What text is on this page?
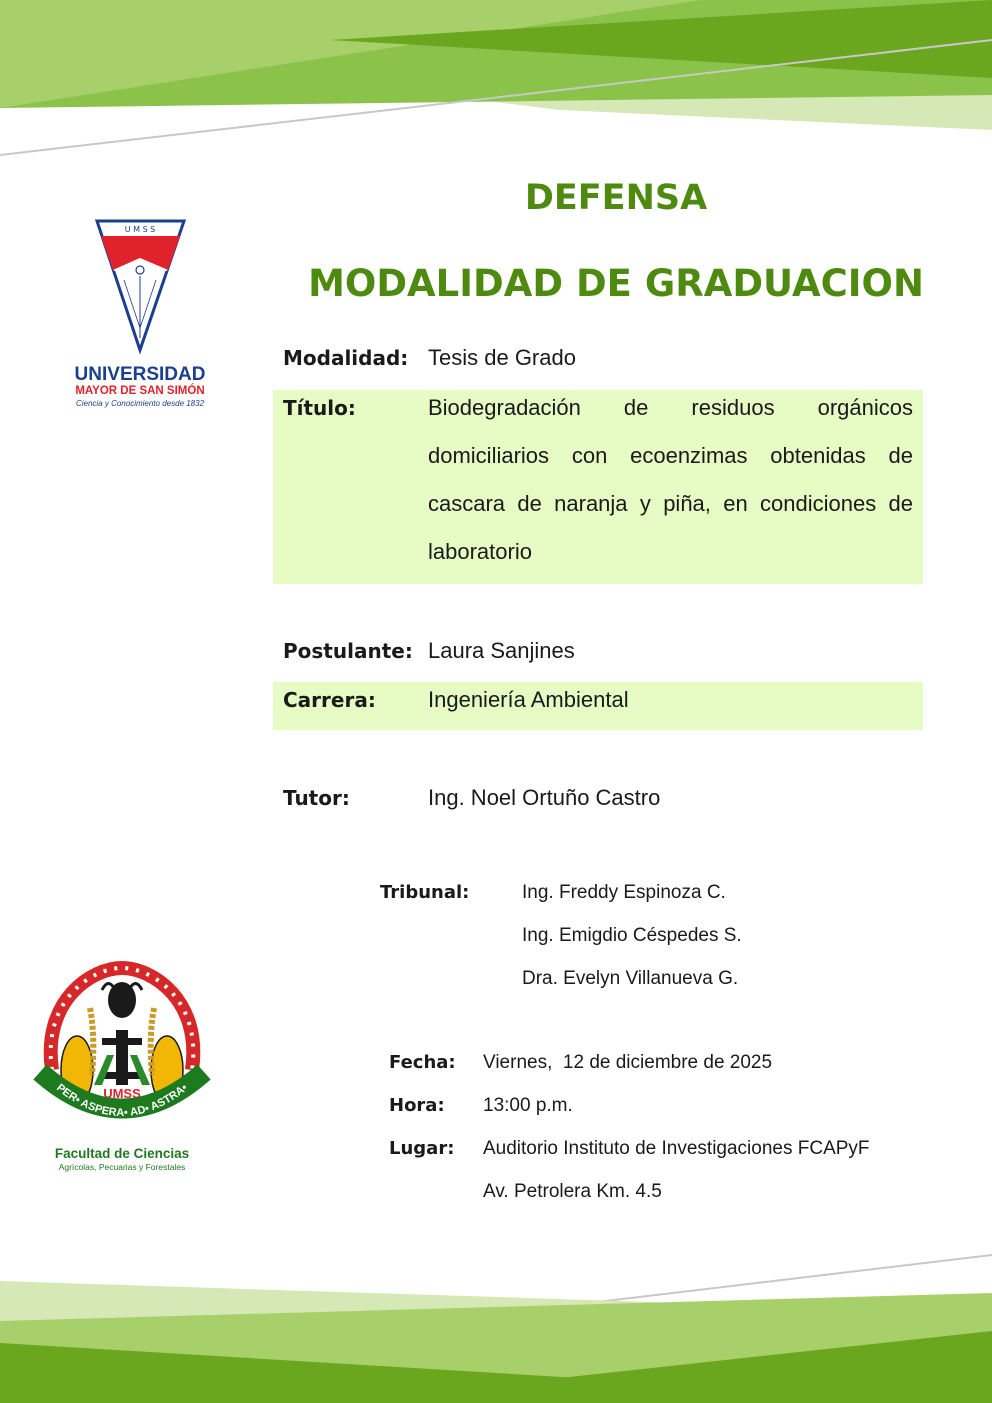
DEFENSA
MODALIDAD DE GRADUACION
U M S S
UNIVERSIDAD
MAYOR DE SAN SIMÓN
Ciencia y Conocimiento desde 1832
UMSS
PER• ASPERA• AD• ASTRA•
Facultad de Ciencias
Agrícolas, Pecuarias y Forestales
Modalidad: Tesis de Grado
Título:	Biodegradación de residuos orgánicos domiciliarios con ecoenzimas obtenidas de cascara de naranja y piña, en condiciones de laboratorio
Postulante: Laura Sanjines
Carrera: Ingeniería Ambiental
Tutor:	Ing. Noel Ortuño Castro
Tribunal:	Ing. Freddy Espinoza C.
Ing. Emigdio Céspedes S.
Dra. Evelyn Villanueva G.
Fecha: Viernes,  12 de diciembre de 2025
Hora: 13:00 p.m.
Lugar: Auditorio Instituto de Investigaciones FCAPyF
Av. Petrolera Km. 4.5
